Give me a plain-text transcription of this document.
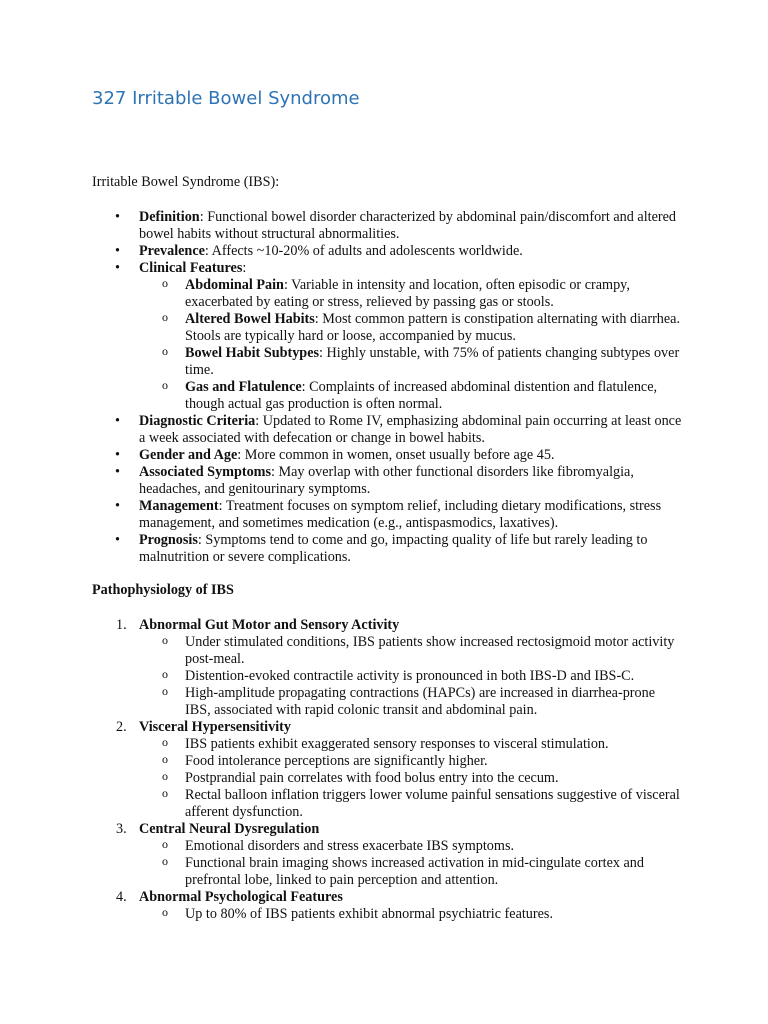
327 Irritable Bowel Syndrome

Irritable Bowel Syndrome (IBS):

• Definition: Functional bowel disorder characterized by abdominal pain/discomfort and altered bowel habits without structural abnormalities.
• Prevalence: Affects ~10-20% of adults and adolescents worldwide.
• Clinical Features:
o Abdominal Pain: Variable in intensity and location, often episodic or crampy, exacerbated by eating or stress, relieved by passing gas or stools.
o Altered Bowel Habits: Most common pattern is constipation alternating with diarrhea. Stools are typically hard or loose, accompanied by mucus.
o Bowel Habit Subtypes: Highly unstable, with 75% of patients changing subtypes over time.
o Gas and Flatulence: Complaints of increased abdominal distention and flatulence, though actual gas production is often normal.
• Diagnostic Criteria: Updated to Rome IV, emphasizing abdominal pain occurring at least once a week associated with defecation or change in bowel habits.
• Gender and Age: More common in women, onset usually before age 45.
• Associated Symptoms: May overlap with other functional disorders like fibromyalgia, headaches, and genitourinary symptoms.
• Management: Treatment focuses on symptom relief, including dietary modifications, stress management, and sometimes medication (e.g., antispasmodics, laxatives).
• Prognosis: Symptoms tend to come and go, impacting quality of life but rarely leading to malnutrition or severe complications.

Pathophysiology of IBS

1. Abnormal Gut Motor and Sensory Activity
o Under stimulated conditions, IBS patients show increased rectosigmoid motor activity post-meal.
o Distention-evoked contractile activity is pronounced in both IBS-D and IBS-C.
o High-amplitude propagating contractions (HAPCs) are increased in diarrhea-prone IBS, associated with rapid colonic transit and abdominal pain.
2. Visceral Hypersensitivity
o IBS patients exhibit exaggerated sensory responses to visceral stimulation.
o Food intolerance perceptions are significantly higher.
o Postprandial pain correlates with food bolus entry into the cecum.
o Rectal balloon inflation triggers lower volume painful sensations suggestive of visceral afferent dysfunction.
3. Central Neural Dysregulation
o Emotional disorders and stress exacerbate IBS symptoms.
o Functional brain imaging shows increased activation in mid-cingulate cortex and prefrontal lobe, linked to pain perception and attention.
4. Abnormal Psychological Features
o Up to 80% of IBS patients exhibit abnormal psychiatric features.
